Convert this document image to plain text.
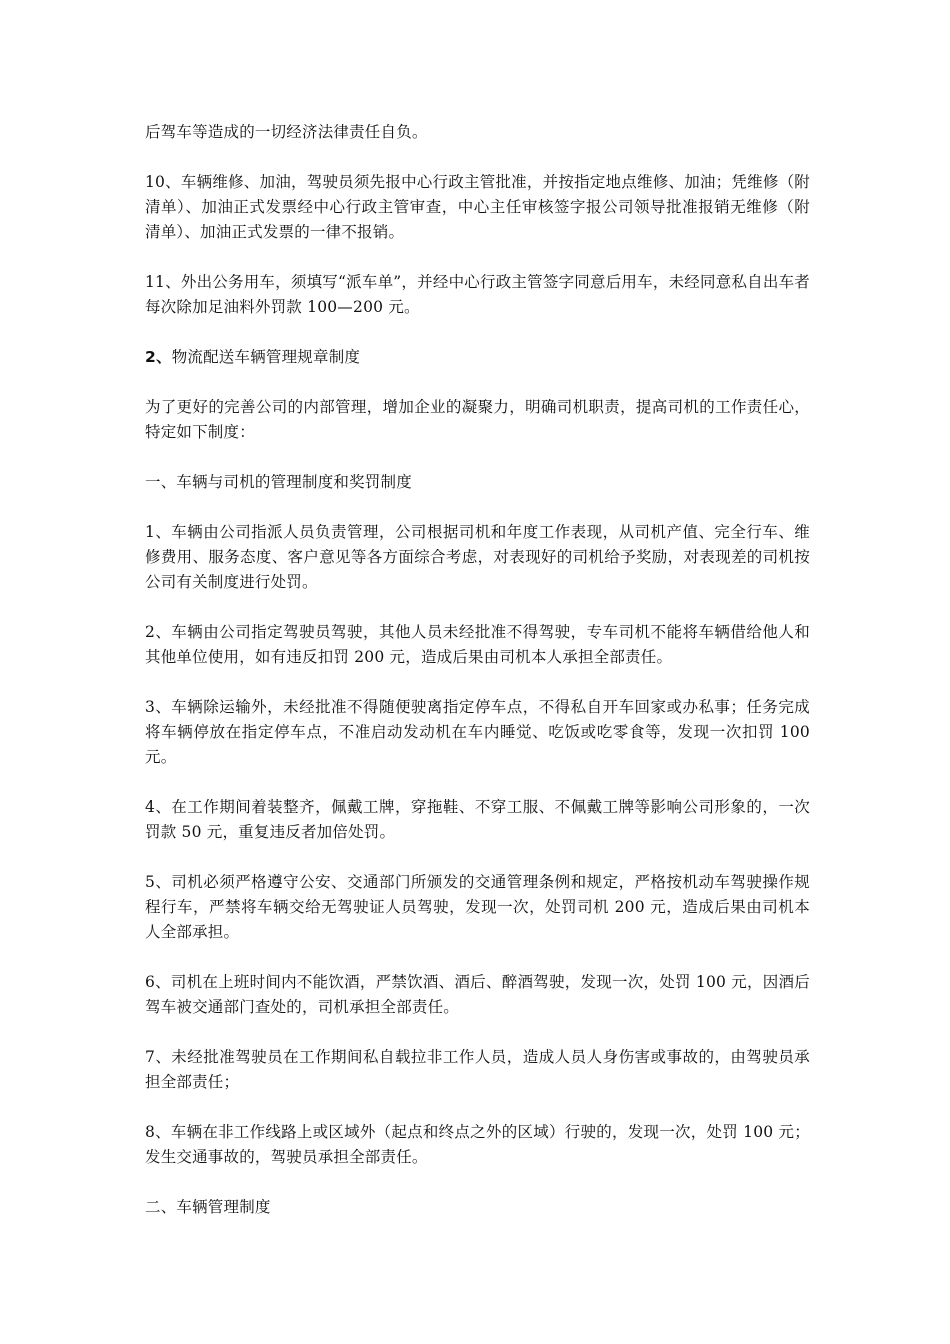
后驾车等造成的一切经济法律责任自负。

10、车辆维修、加油，驾驶员须先报中心行政主管批准，并按指定地点维修、加油；凭维修（附清单）、加油正式发票经中心行政主管审查，中心主任审核签字报公司领导批准报销无维修（附清单）、加油正式发票的一律不报销。

11、外出公务用车，须填写“派车单”，并经中心行政主管签字同意后用车，未经同意私自出车者每次除加足油料外罚款 100—200 元。

2、物流配送车辆管理规章制度

为了更好的完善公司的内部管理，增加企业的凝聚力，明确司机职责，提高司机的工作责任心，特定如下制度：

一、车辆与司机的管理制度和奖罚制度

1、车辆由公司指派人员负责管理，公司根据司机和年度工作表现，从司机产值、完全行车、维修费用、服务态度、客户意见等各方面综合考虑，对表现好的司机给予奖励，对表现差的司机按公司有关制度进行处罚。

2、车辆由公司指定驾驶员驾驶，其他人员未经批准不得驾驶，专车司机不能将车辆借给他人和其他单位使用，如有违反扣罚 200 元，造成后果由司机本人承担全部责任。

3、车辆除运输外，未经批准不得随便驶离指定停车点，不得私自开车回家或办私事；任务完成将车辆停放在指定停车点，不准启动发动机在车内睡觉、吃饭或吃零食等，发现一次扣罚 100 元。

4、在工作期间着装整齐，佩戴工牌，穿拖鞋、不穿工服、不佩戴工牌等影响公司形象的，一次罚款 50 元，重复违反者加倍处罚。

5、司机必须严格遵守公安、交通部门所颁发的交通管理条例和规定，严格按机动车驾驶操作规程行车，严禁将车辆交给无驾驶证人员驾驶，发现一次，处罚司机 200 元，造成后果由司机本人全部承担。

6、司机在上班时间内不能饮酒，严禁饮酒、酒后、醉酒驾驶，发现一次，处罚 100 元，因酒后驾车被交通部门查处的，司机承担全部责任。

7、未经批准驾驶员在工作期间私自载拉非工作人员，造成人员人身伤害或事故的，由驾驶员承担全部责任；

8、车辆在非工作线路上或区域外（起点和终点之外的区域）行驶的，发现一次，处罚 100 元；发生交通事故的，驾驶员承担全部责任。

二、车辆管理制度
